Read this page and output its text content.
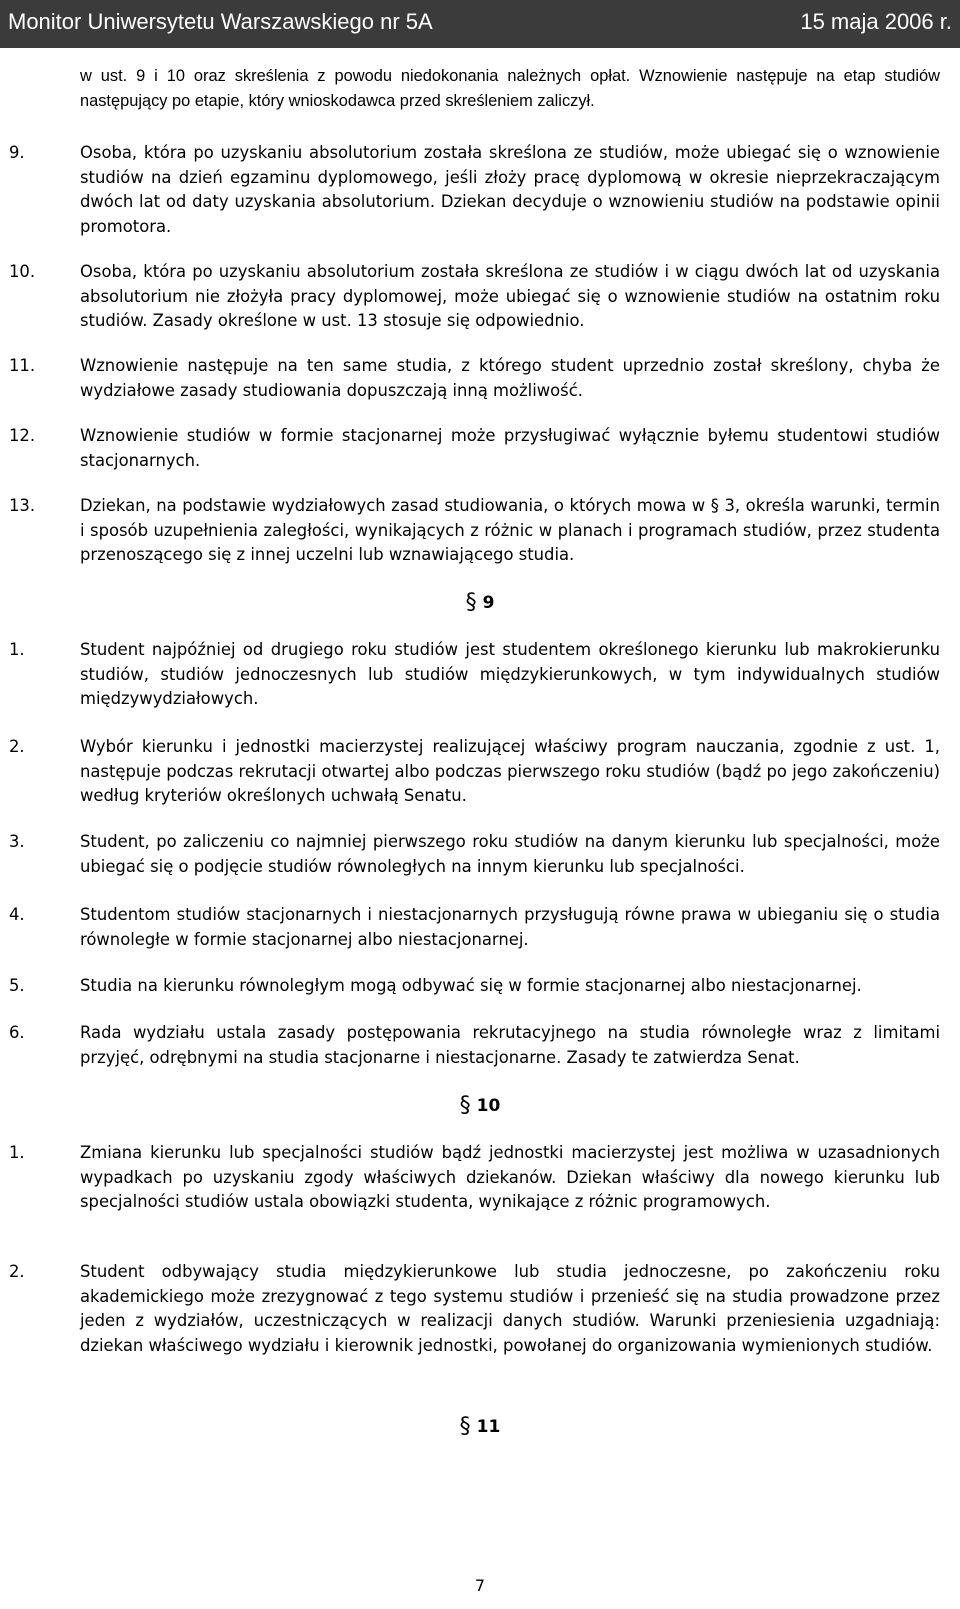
Monitor Uniwersytetu Warszawskiego nr 5A	15 maja 2006 r.
w ust. 9 i 10 oraz skreślenia z powodu niedokonania należnych opłat. Wznowienie następuje na etap studiów następujący po etapie, który wnioskodawca przed skreśleniem zaliczył.
9.	Osoba, która po uzyskaniu absolutorium została skreślona ze studiów, może ubiegać się o wznowienie studiów na dzień egzaminu dyplomowego, jeśli złoży pracę dyplomową w okresie nieprzekraczającym dwóch lat od daty uzyskania absolutorium. Dziekan decyduje o wznowieniu studiów na podstawie opinii promotora.
10.	Osoba, która po uzyskaniu absolutorium została skreślona ze studiów i w ciągu dwóch lat od uzyskania absolutorium nie złożyła pracy dyplomowej, może ubiegać się o wznowienie studiów na ostatnim roku studiów. Zasady określone w ust. 13 stosuje się odpowiednio.
11.	Wznowienie następuje na ten same studia, z którego student uprzednio został skreślony, chyba że wydziałowe zasady studiowania dopuszczają inną możliwość.
12.	Wznowienie studiów w formie stacjonarnej może przysługiwać wyłącznie byłemu studentowi studiów stacjonarnych.
13.	Dziekan, na podstawie wydziałowych zasad studiowania, o których mowa w § 3, określa warunki, termin i sposób uzupełnienia zaległości, wynikających z różnic w planach i programach studiów, przez studenta przenoszącego się z innej uczelni lub wznawiającego studia.
§ 9
1.	Student najpóźniej od drugiego roku studiów jest studentem określonego kierunku lub makrokierunku studiów, studiów jednoczesnych lub studiów międzykierunkowych, w tym indywidualnych studiów międzywydziałowych.
2.	Wybór kierunku i jednostki macierzystej realizującej właściwy program nauczania, zgodnie z ust. 1, następuje podczas rekrutacji otwartej albo podczas pierwszego roku studiów (bądź po jego zakończeniu) według kryteriów określonych uchwałą Senatu.
3.	Student, po zaliczeniu co najmniej pierwszego roku studiów na danym kierunku lub specjalności, może ubiegać się o podjęcie studiów równoległych na innym kierunku lub specjalności.
4.	Studentom studiów stacjonarnych i niestacjonarnych przysługują równe prawa w ubieganiu się o studia równoległe w formie stacjonarnej albo niestacjonarnej.
5.	Studia na kierunku równoległym mogą odbywać się w formie stacjonarnej albo niestacjonarnej.
6.	Rada wydziału ustala zasady postępowania rekrutacyjnego na studia równoległe wraz z limitami przyjęć, odrębnymi na studia stacjonarne i niestacjonarne. Zasady te zatwierdza Senat.
§ 10
1.	Zmiana kierunku lub specjalności studiów bądź jednostki macierzystej jest możliwa w uzasadnionych wypadkach po uzyskaniu zgody właściwych dziekanów. Dziekan właściwy dla nowego kierunku lub specjalności studiów ustala obowiązki studenta, wynikające z różnic programowych.
2.	Student odbywający studia międzykierunkowe lub studia jednoczesne, po zakończeniu roku akademickiego może zrezygnować z tego systemu studiów i przenieść się na studia prowadzone przez jeden z wydziałów, uczestniczących w realizacji danych studiów. Warunki przeniesienia uzgadniają: dziekan właściwego wydziału i kierownik jednostki, powołanej do organizowania wymienionych studiów.
§ 11
7
